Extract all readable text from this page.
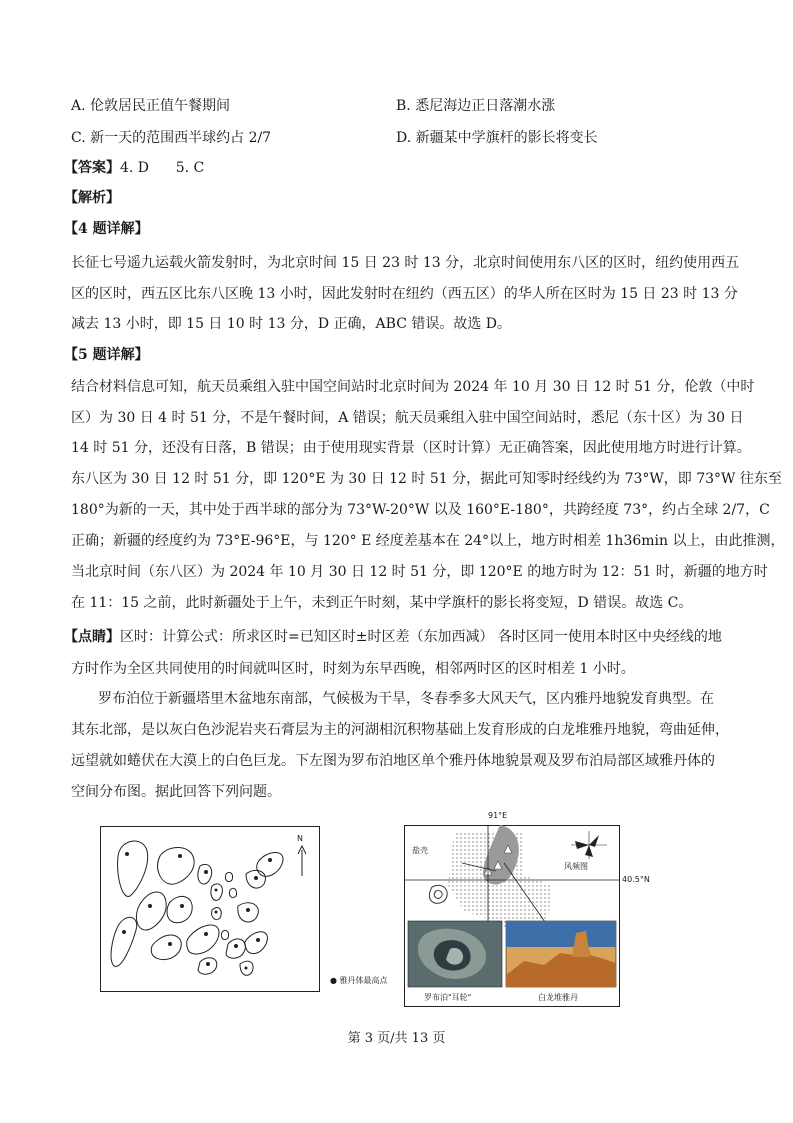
A. 伦敦居民正值午餐期间	B. 悉尼海边正日落潮水涨
C. 新一天的范围西半球约占 2/7	D. 新疆某中学旗杆的影长将变长
【答案】4. D      5. C
【解析】
【4 题详解】
长征七号遥九运载火箭发射时，为北京时间 15 日 23 时 13 分，北京时间使用东八区的区时，纽约使用西五
区的区时，西五区比东八区晚 13 小时，因此发射时在纽约（西五区）的华人所在区时为 15 日 23 时 13 分
减去 13 小时，即 15 日 10 时 13 分，D 正确，ABC 错误。故选 D。
【5 题详解】
结合材料信息可知，航天员乘组入驻中国空间站时北京时间为 2024 年 10 月 30 日 12 时 51 分，伦敦（中时
区）为 30 日 4 时 51 分，不是午餐时间，A 错误；航天员乘组入驻中国空间站时，悉尼（东十区）为 30 日
14 时 51 分，还没有日落，B 错误；由于使用现实背景（区时计算）无正确答案，因此使用地方时进行计算。
东八区为 30 日 12 时 51 分，即 120°E 为 30 日 12 时 51 分，据此可知零时经线约为 73°W，即 73°W 往东至
180°为新的一天，其中处于西半球的部分为 73°W-20°W 以及 160°E-180°，共跨经度 73°，约占全球 2/7，C
正确；新疆的经度约为 73°E-96°E，与 120° E 经度差基本在 24°以上，地方时相差 1h36min 以上，由此推测，
当北京时间（东八区）为 2024 年 10 月 30 日 12 时 51 分，即 120°E 的地方时为 12：51 时，新疆的地方时
在 11：15 之前，此时新疆处于上午，未到正午时刻，某中学旗杆的影长将变短，D 错误。故选 C。
【点睛】区时：计算公式：所求区时=已知区时±时区差（东加西减） 各时区同一使用本时区中央经线的地
方时作为全区共同使用的时间就叫区时，时刻为东早西晚，相邻两时区的区时相差 1 小时。
罗布泊位于新疆塔里木盆地东南部，气候极为干旱，冬春季多大风天气，区内雅丹地貌发育典型。在
其东北部，是以灰白色沙泥岩夹石膏层为主的河湖相沉积物基础上发育形成的白龙堆雅丹地貌，弯曲延伸，
远望就如蜷伏在大漠上的白色巨龙。下左图为罗布泊地区单个雅丹体地貌景观及罗布泊局部区域雅丹体的
空间分布图。据此回答下列问题。
N
● 雅丹体最高点
91°E
40.5°N
盐壳
风频图
罗布泊"耳轮"	白龙堆雅丹
第 3 页/共 13 页
